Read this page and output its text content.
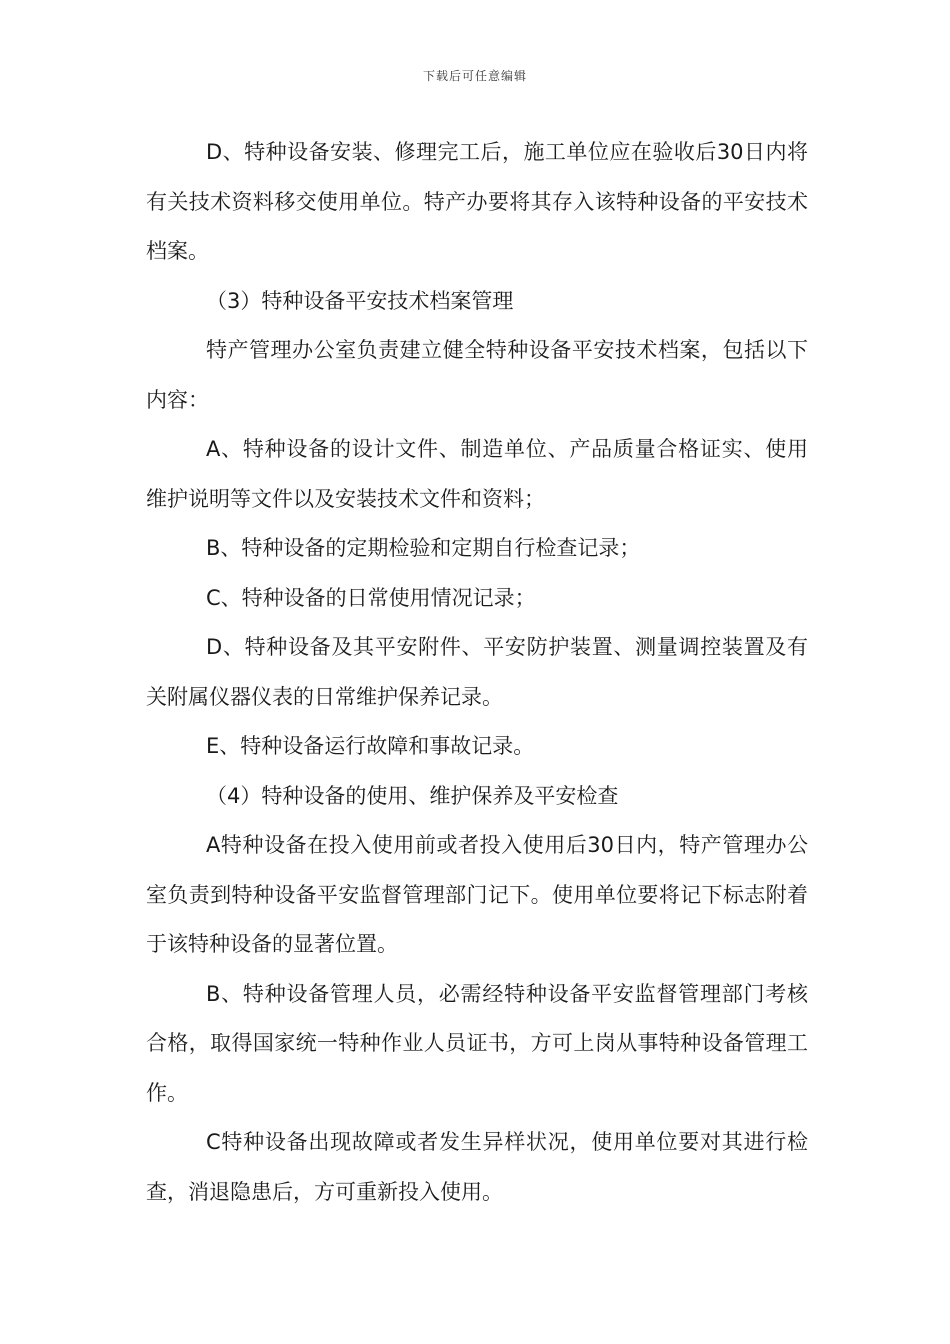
下载后可任意编辑

D、特种设备安装、修理完工后，施工单位应在验收后30日内将有关技术资料移交使用单位。特产办要将其存入该特种设备的平安技术档案。

（3）特种设备平安技术档案管理

特产管理办公室负责建立健全特种设备平安技术档案，包括以下内容：

A、特种设备的设计文件、制造单位、产品质量合格证实、使用维护说明等文件以及安装技术文件和资料；

B、特种设备的定期检验和定期自行检查记录；

C、特种设备的日常使用情况记录；

D、特种设备及其平安附件、平安防护装置、测量调控装置及有关附属仪器仪表的日常维护保养记录。

E、特种设备运行故障和事故记录。

（4）特种设备的使用、维护保养及平安检查

A特种设备在投入使用前或者投入使用后30日内，特产管理办公室负责到特种设备平安监督管理部门记下。使用单位要将记下标志附着于该特种设备的显著位置。

B、特种设备管理人员，必需经特种设备平安监督管理部门考核合格，取得国家统一特种作业人员证书，方可上岗从事特种设备管理工作。

C特种设备出现故障或者发生异样状况，使用单位要对其进行检查，消退隐患后，方可重新投入使用。
